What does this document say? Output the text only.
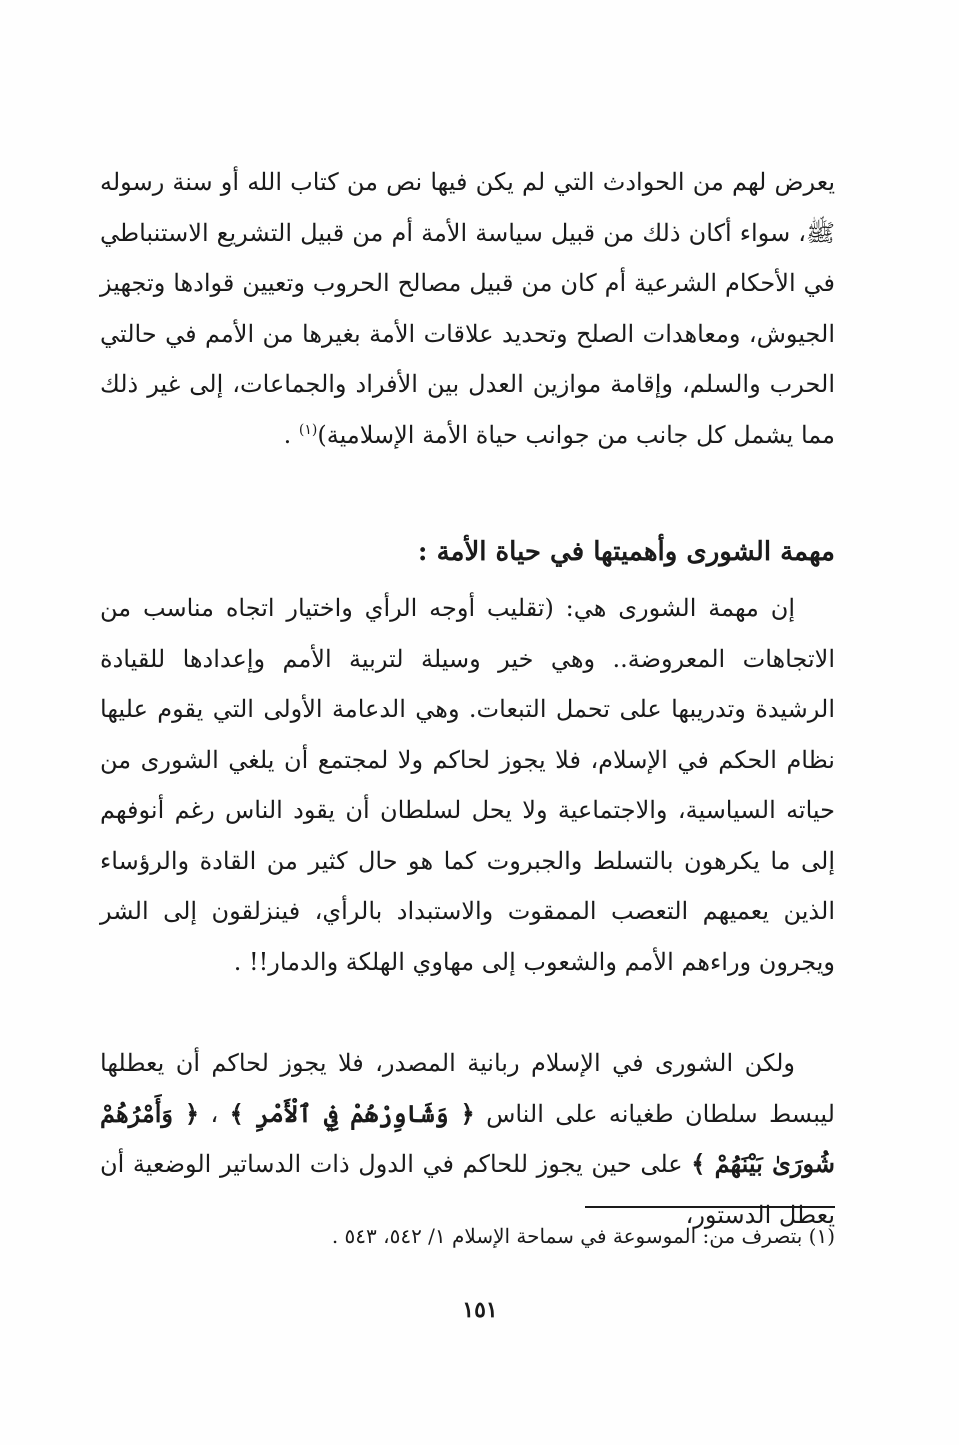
يعرض لهم من الحوادث التي لم يكن فيها نص من كتاب الله أو سنة رسوله ﷺ، سواء أكان ذلك من قبيل سياسة الأمة أم من قبيل التشريع الاستنباطي في الأحكام الشرعية أم كان من قبيل مصالح الحروب وتعيين قوادها وتجهيز الجيوش، ومعاهدات الصلح وتحديد علاقات الأمة بغيرها من الأمم في حالتي الحرب والسلم، وإقامة موازين العدل بين الأفراد والجماعات، إلى غير ذلك مما يشمل كل جانب من جوانب حياة الأمة الإسلامية)$^{(١)}$ .
مهمة الشورى وأهميتها في حياة الأمة :
إن مهمة الشورى هي: (تقليب أوجه الرأي واختيار اتجاه مناسب من الاتجاهات المعروضة.. وهي خير وسيلة لتربية الأمم وإعدادها للقيادة الرشيدة وتدريبها على تحمل التبعات. وهي الدعامة الأولى التي يقوم عليها نظام الحكم في الإسلام، فلا يجوز لحاكم ولا لمجتمع أن يلغي الشورى من حياته السياسية، والاجتماعية ولا يحل لسلطان أن يقود الناس رغم أنوفهم إلى ما يكرهون بالتسلط والجبروت كما هو حال كثير من القادة والرؤساء الذين يعميهم التعصب الممقوت والاستبداد بالرأي، فينزلقون إلى الشر ويجرون وراءهم الأمم والشعوب إلى مهاوي الهلكة والدمار!! .
ولكن الشورى في الإسلام ربانية المصدر، فلا يجوز لحاكم أن يعطلها ليبسط سلطان طغيانه على الناس ﴿ وَشَاوِرْهُمْ فِي ٱلْأَمْرِ ﴾ ، ﴿ وَأَمْرُهُمْ شُورَىٰ بَيْنَهُمْ ﴾ على حين يجوز للحاكم في الدول ذات الدساتير الوضعية أن يعطل الدستور،
(١) بتصرف من: الموسوعة في سماحة الإسلام ١/ ٥٤٢، ٥٤٣ .
١٥١
